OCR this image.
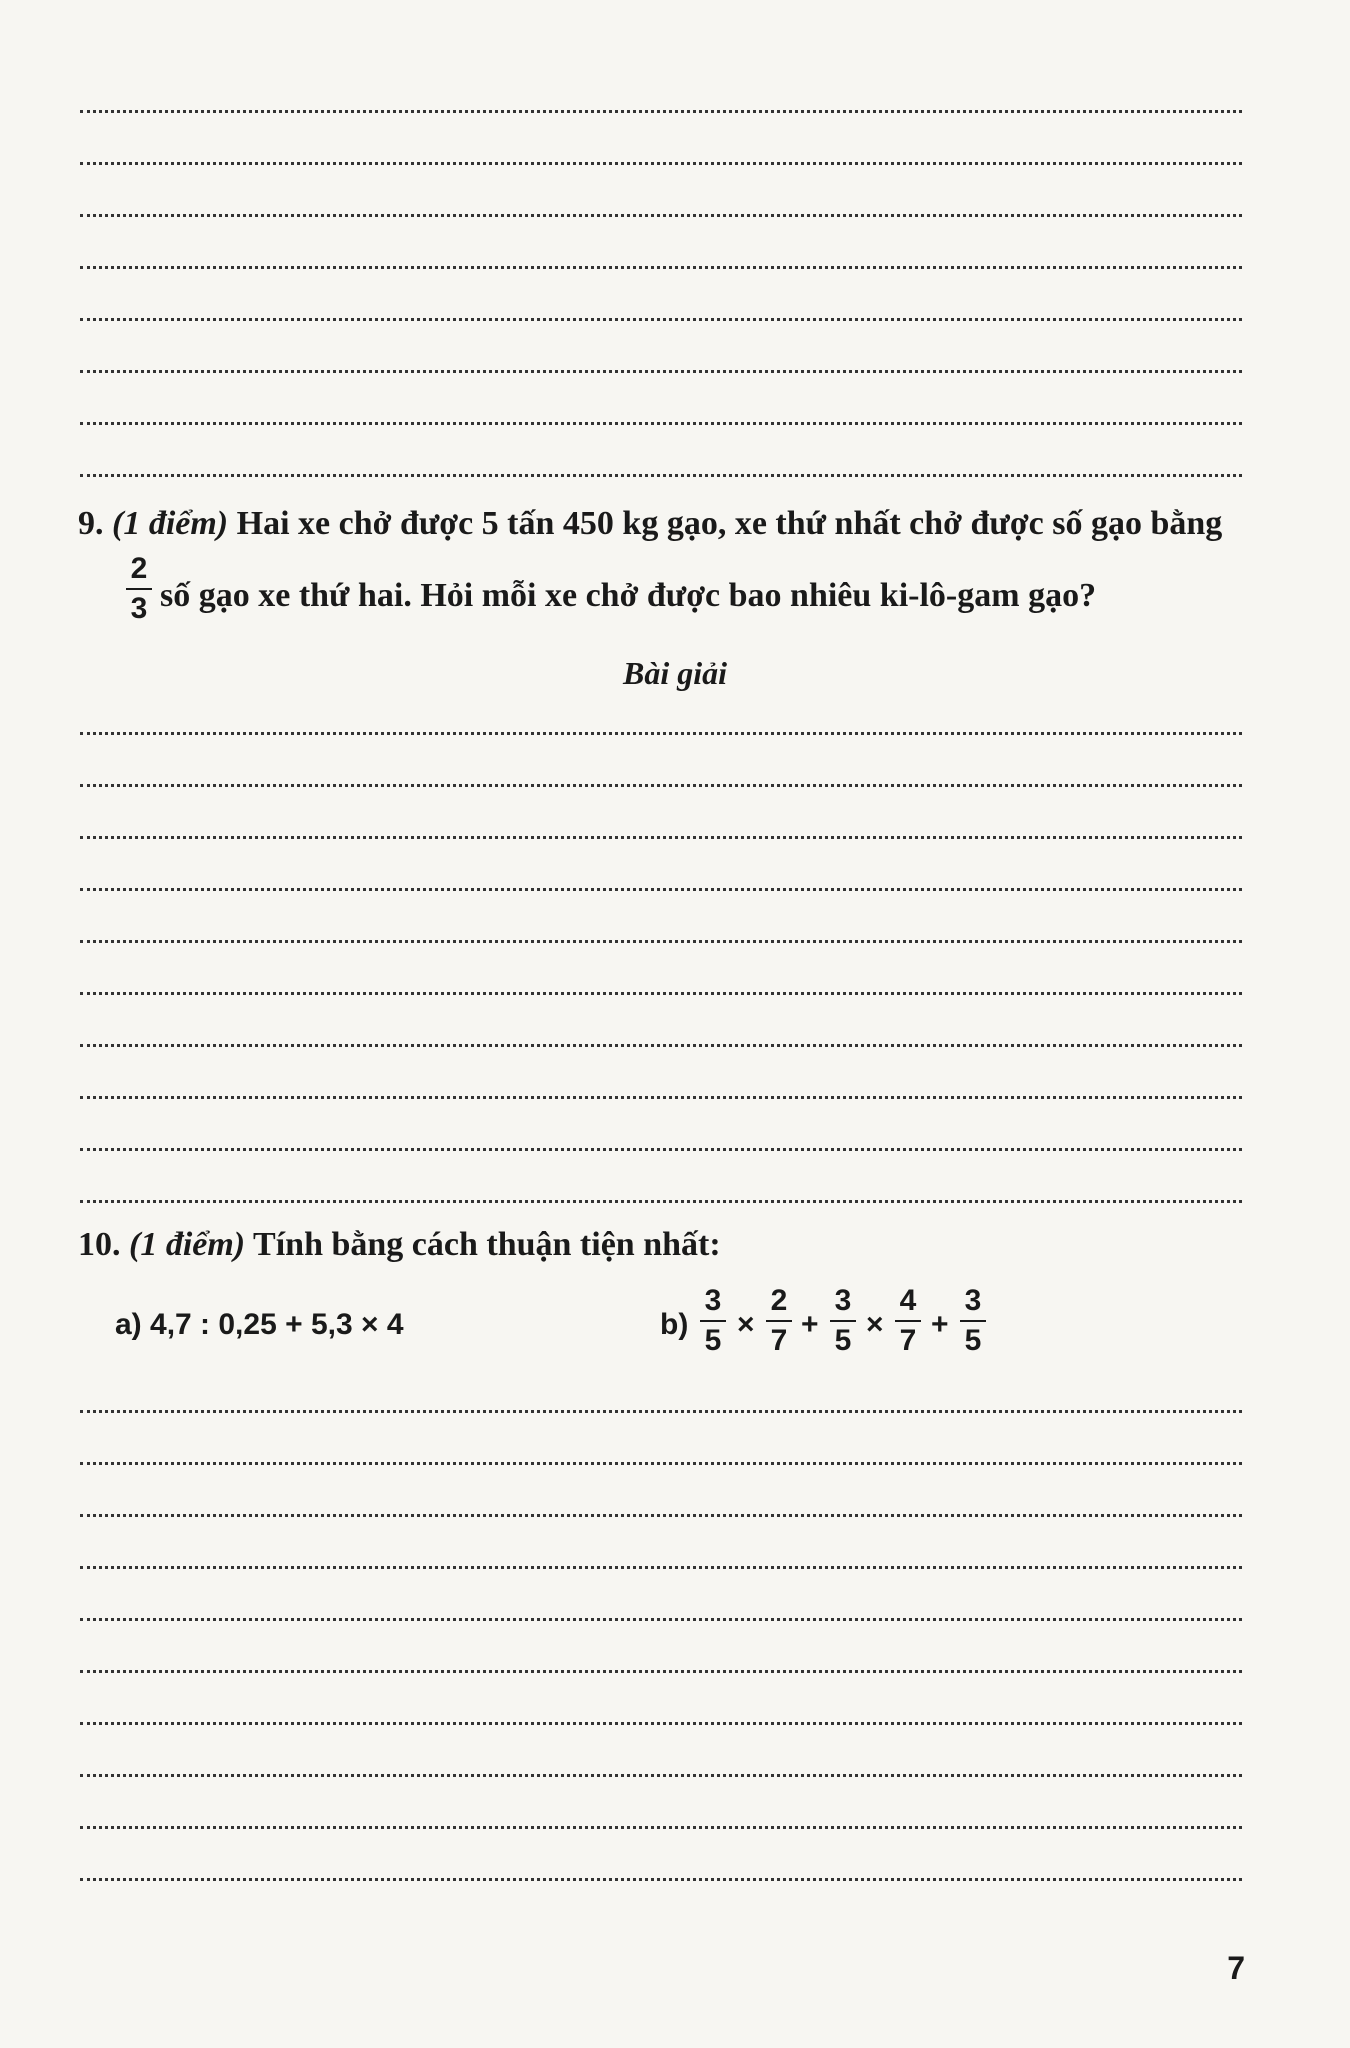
9. (1 điểm) Hai xe chở được 5 tấn 450 kg gạo, xe thứ nhất chở được số gạo bằng
2
3 số gạo xe thứ hai. Hỏi mỗi xe chở được bao nhiêu ki-lô-gam gạo?
Bài giải
10. (1 điểm) Tính bằng cách thuận tiện nhất:
a) 4,7 : 0,25 + 5,3 × 4	b)
3
5 ×
2
7 +
3
5 ×
4
7 +
3
5
7
